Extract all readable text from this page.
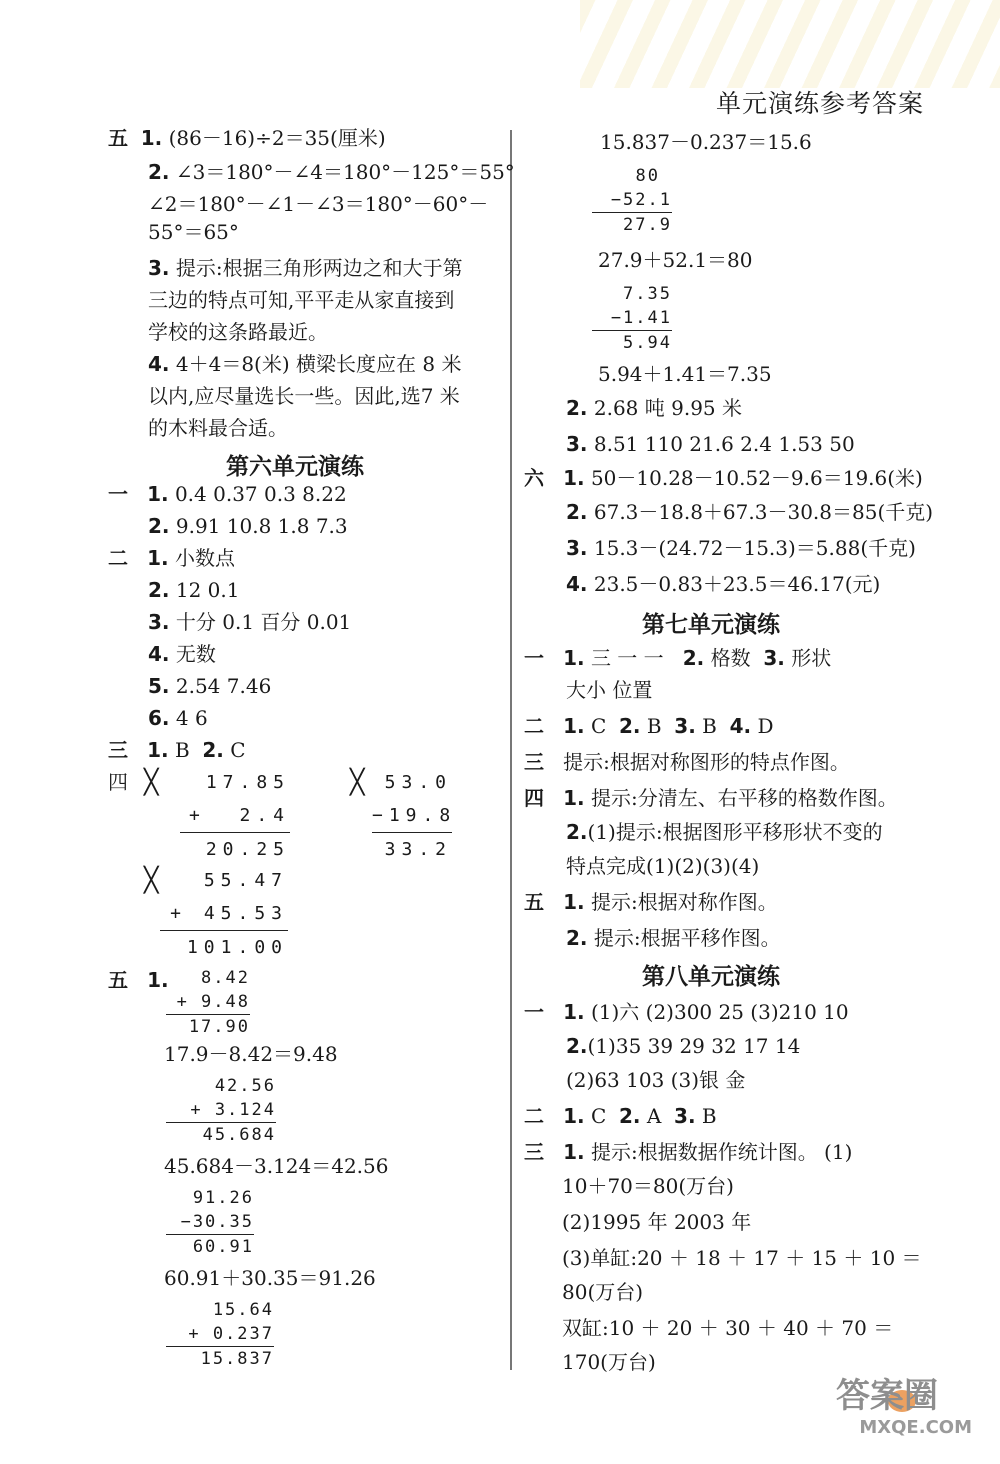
单元演练参考答案
五 1. (86－16)÷2＝35(厘米)
2. ∠3＝180°－∠4＝180°－125°＝55°
∠2＝180°－∠1－∠3＝180°－60°－
55°＝65°
3. 提示:根据三角形两边之和大于第
三边的特点可知,平平走从家直接到
学校的这条路最近。
4. 4＋4＝8(米) 横梁长度应在 8 米
以内,应尽量选长一些。因此,选7 米
的木料最合适。
第六单元演练
一 1. 0.4 0.37 0.3 8.22
2. 9.91 10.8 1.8 7.3
二 1. 小数点
2. 12 0.1
3. 十分 0.1 百分 0.01
4. 无数
5. 2.54 7.46
6. 4 6
三 1. B 2. C
四 ╳	17.85
+  2.4
20.25
╳	53.0
−19.8
33.2
╳	55.47
+ 45.53
101.00
五 1.	8.42
+ 9.48
17.90
17.9－8.42＝9.48
42.56
+ 3.124
45.684
45.684－3.124＝42.56
91.26
−30.35
60.91
60.91＋30.35＝91.26
15.64
+ 0.237
15.837
15.837－0.237＝15.6
80
−52.1
27.9
27.9＋52.1＝80
7.35
−1.41
5.94
5.94＋1.41＝7.35
2. 2.68 吨 9.95 米
3. 8.51 110 21.6 2.4 1.53 50
六 1. 50－10.28－10.52－9.6＝19.6(米)
2. 67.3－18.8＋67.3－30.8＝85(千克)
3. 15.3－(24.72－15.3)＝5.88(千克)
4. 23.5－0.83＋23.5＝46.17(元)
第七单元演练
一 1. 三 一 一 2. 格数 3. 形状
大小 位置
二 1. C 2. B 3. B 4. D
三 提示:根据对称图形的特点作图。
四 1. 提示:分清左、右平移的格数作图。
2.(1)提示:根据图形平移形状不变的
特点完成(1)(2)(3)(4)
五 1. 提示:根据对称作图。
2. 提示:根据平移作图。
第八单元演练
一 1. (1)六 (2)300 25 (3)210 10
2.(1)35 39 29 32 17 14
(2)63 103 (3)银 金
二 1. C 2. A 3. B
三 1. 提示:根据数据作统计图。 (1)
10＋70＝80(万台)
(2)1995 年 2003 年
(3)单缸:20 ＋ 18 ＋ 17 ＋ 15 ＋ 10 ＝
80(万台)
双缸:10 ＋ 20 ＋ 30 ＋ 40 ＋ 70 ＝
170(万台)
答案圈
MXQE.COM
